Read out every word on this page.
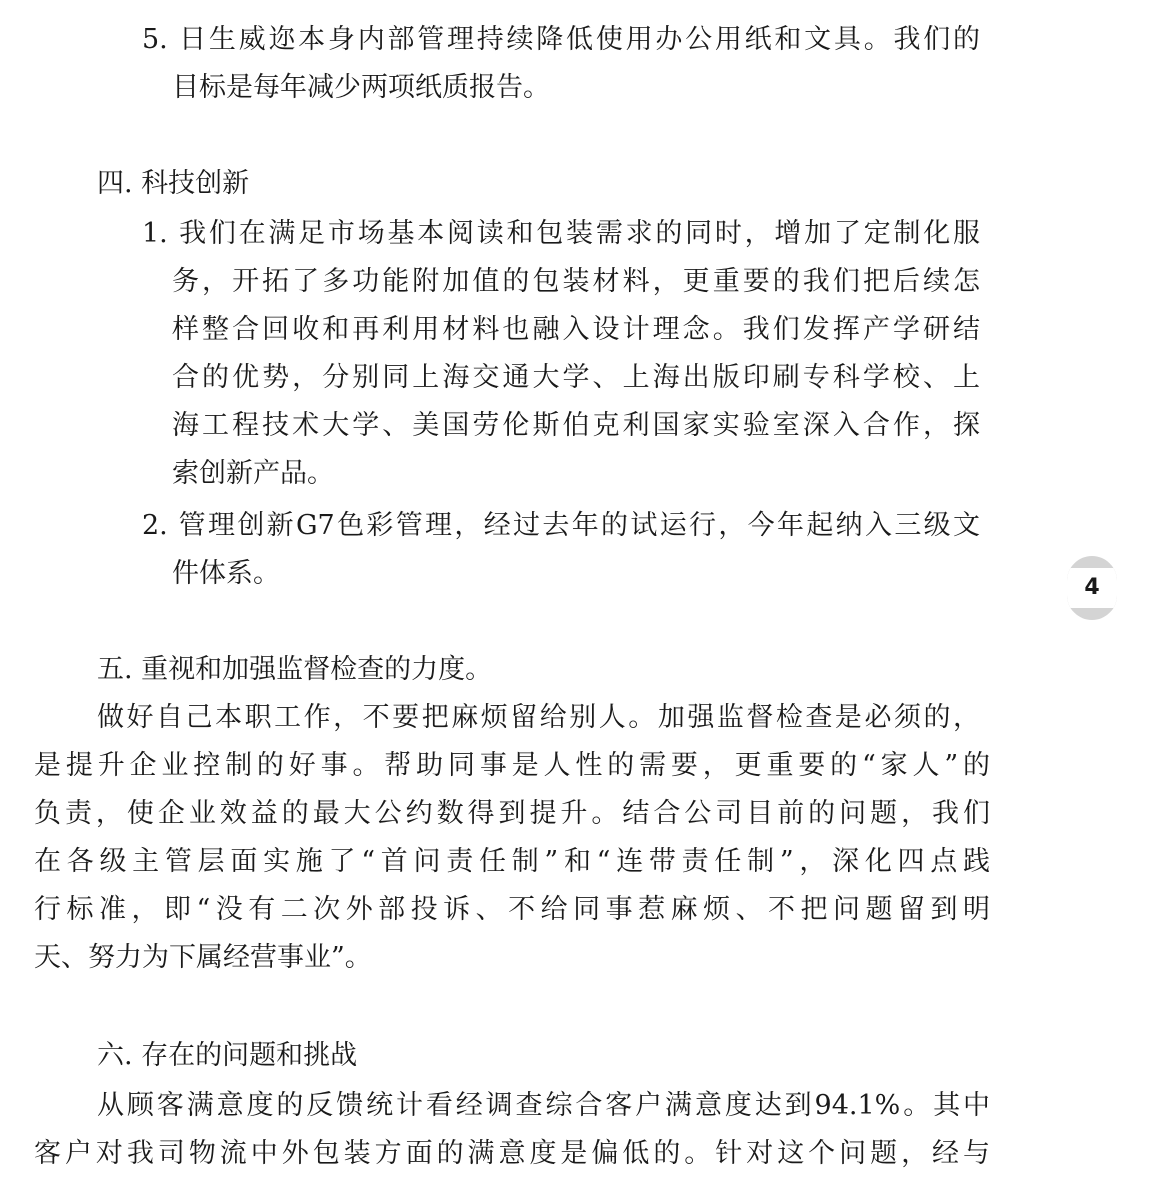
5. 日生威迩本身内部管理持续降低使用办公用纸和文具。我们的
目标是每年减少两项纸质报告。
四. 科技创新
1. 我们在满足市场基本阅读和包装需求的同时，增加了定制化服
务，开拓了多功能附加值的包装材料，更重要的我们把后续怎
样整合回收和再利用材料也融入设计理念。我们发挥产学研结
合的优势，分别同上海交通大学、上海出版印刷专科学校、上
海工程技术大学、美国劳伦斯伯克利国家实验室深入合作，探
索创新产品。
2. 管理创新G7色彩管理，经过去年的试运行，今年起纳入三级文
件体系。	4
五. 重视和加强监督检查的力度。
做好自己本职工作，不要把麻烦留给别人。加强监督检查是必须的，
是提升企业控制的好事。帮助同事是人性的需要，更重要的“家人”的
负责，使企业效益的最大公约数得到提升。结合公司目前的问题，我们
在各级主管层面实施了“首问责任制”和“连带责任制”，深化四点践
行标准，即“没有二次外部投诉、不给同事惹麻烦、不把问题留到明
天、努力为下属经营事业”。
六. 存在的问题和挑战
从顾客满意度的反馈统计看经调查综合客户满意度达到94.1%。其中
客户对我司物流中外包装方面的满意度是偏低的。针对这个问题，经与
